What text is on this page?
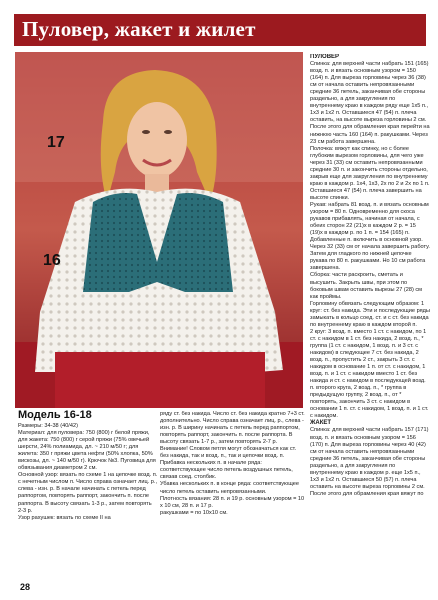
Пуловер, жакет и жилет
17
16

ПУЛОВЕР

Спинка: для верхней части набрать 151 (165) возд. п. и вязать основным узором = 150 (164) п. Для выреза горловины через 36 (38) см от начала оставить непровязанными средние 36 петель, заканчивая обе стороны раздельно, а для закругления по внутреннему краю в каждом ряду еще 1х5 п., 1х3 и 1х2 п. Оставшиеся 47 (54) п. плеча оставить, на высоте выреза горловины 2 см. После этого для обрамления края перейти на нижнюю часть 160 (164) п. ракушками. Через 23 см работа завершена.

Полочка: вяжут как спинку, но с более глубоким вырезом горловины, для чего уже через 31 (33) см оставить непровязанными средние 30 п. и закончить стороны отдельно, закрыв еще для закругления по внутреннему краю в каждом р. 1х4, 1х3, 2х по 2 и 2х по 1 п. Оставшиеся 47 (54) п. плеча завершить на высоте спинки.

Рукав: набрать 81 возд. п. и вязать основным узором = 80 п. Одновременно для скоса рукавов прибавлять, начиная от начала, с обеих сторон 22 (21)х в каждом 2 р. = 15 (19)х в каждом р. по 1 п. = 154 (165) п. Добавленные п. включить в основной узор. Через 32 (33) см от начала завершить работу. Затем для гладкого по нижней цепочке рукава по 80 п. ракушками. Но 10 см работа завершена.

Сборка: части раскроить, сметать и высушить. Закрыть швы, при этом по боковым швам оставить вырезы 27 (28) см как проймы.

Горловину обвязать следующим образом: 1 круг: ст. без накида. Эти и последующие ряды замыкать в кольцо соед. ст. и с ст. без накида по внутреннему краю в каждом второй п.

2 круг: 3 возд. п. вместо 1 ст. с накидом, по 1 ст. с накидом в 1 ст. без накида, 2 возд. п., * группа (1 ст. с накидом, 1 возд. п. и 3 ст. с накидом) в следующее 7 ст. без накида, 2 возд. п., пропустить 2 ст., закрыть 3 ст. с накидом в основание 1 п. от ст. с накидом, 1 возд. п. и 1 ст. с накидом вместо 1 ст. без накида и ст. с накидом в последующей возд. п. второго круга, 2 возд. п., * группа в предыдущую группу, 2 возд. п., от * повторять, закончить 3 ст. с накидом в основании 1 п. ст. с накидом, 1 возд. п. и 1 ст. с накидом.

ЖАКЕТ

Спинка: для верхней части набрать 157 (171) возд. п. и вязать основным узором = 156 (170) п. Для выреза горловины через 40 (42) см от начала оставить непровязанными средние 36 петель, заканчивая обе стороны раздельно, а для закругления по внутреннему краю в каждом р. еще 1х5 п., 1х3 и 1х2 п. Оставшиеся 50 (57) п. плеча оставить на высоте выреза горловины 2 см. После этого для обрамления края вяжут по

Модель 16-18

Размеры: 34-38 (40/42)

Материал: для пуловера: 750 (800) г белой пряжи, для жакета: 750 (800) г серой пряжи (75% овечьей шерсти, 24% полиамида, дл. ~ 210 м/50 г; для жилета: 350 г пряжи цвета нефти (50% хлопка, 50% вискозы, дл. ~ 140 м/50 г). Крючок №3. Пуговица для обвязывания диаметром 2 см.

Основной узор: вязать по схеме 1 на цепочке возд. п. с нечетным числом п. Число справа означает лиц. р., слева - изн. р. В начале начинать с петель перед раппортом, повторять раппорт, закончить п. после раппорта. В высоту связать 1-3 р., затем повторять 2-3 р.

Узор рахушек: вязать по схеме II на

ряду ст. без накида. Число ст. без накида кратно 7+3 ст. дополнительно. Число справа означает лиц. р., слева - изн. р. В ширину начинать с петель перед раппортом, повторять раппорт, закончить п. после раппорта. В высоту связать 1-7 р., затем повторять 2-7 р.

Внимание! Словом петля могут обозначаться как ст. без накида, так и возд. п., так и цепочки возд. п.

Прибавка нескольких п. в начале ряда: соответствующее число петель воздушных петель, связав соед. столбик.

Убавка нескольких п. в конце ряда: соответствующее число петель оставить непровязанными.

Плотность вязания: 28 п. и 19 р. основным узором = 10 х 10 см, 28 п. и 17 р.

ракушками = по 10х10 см.

28
